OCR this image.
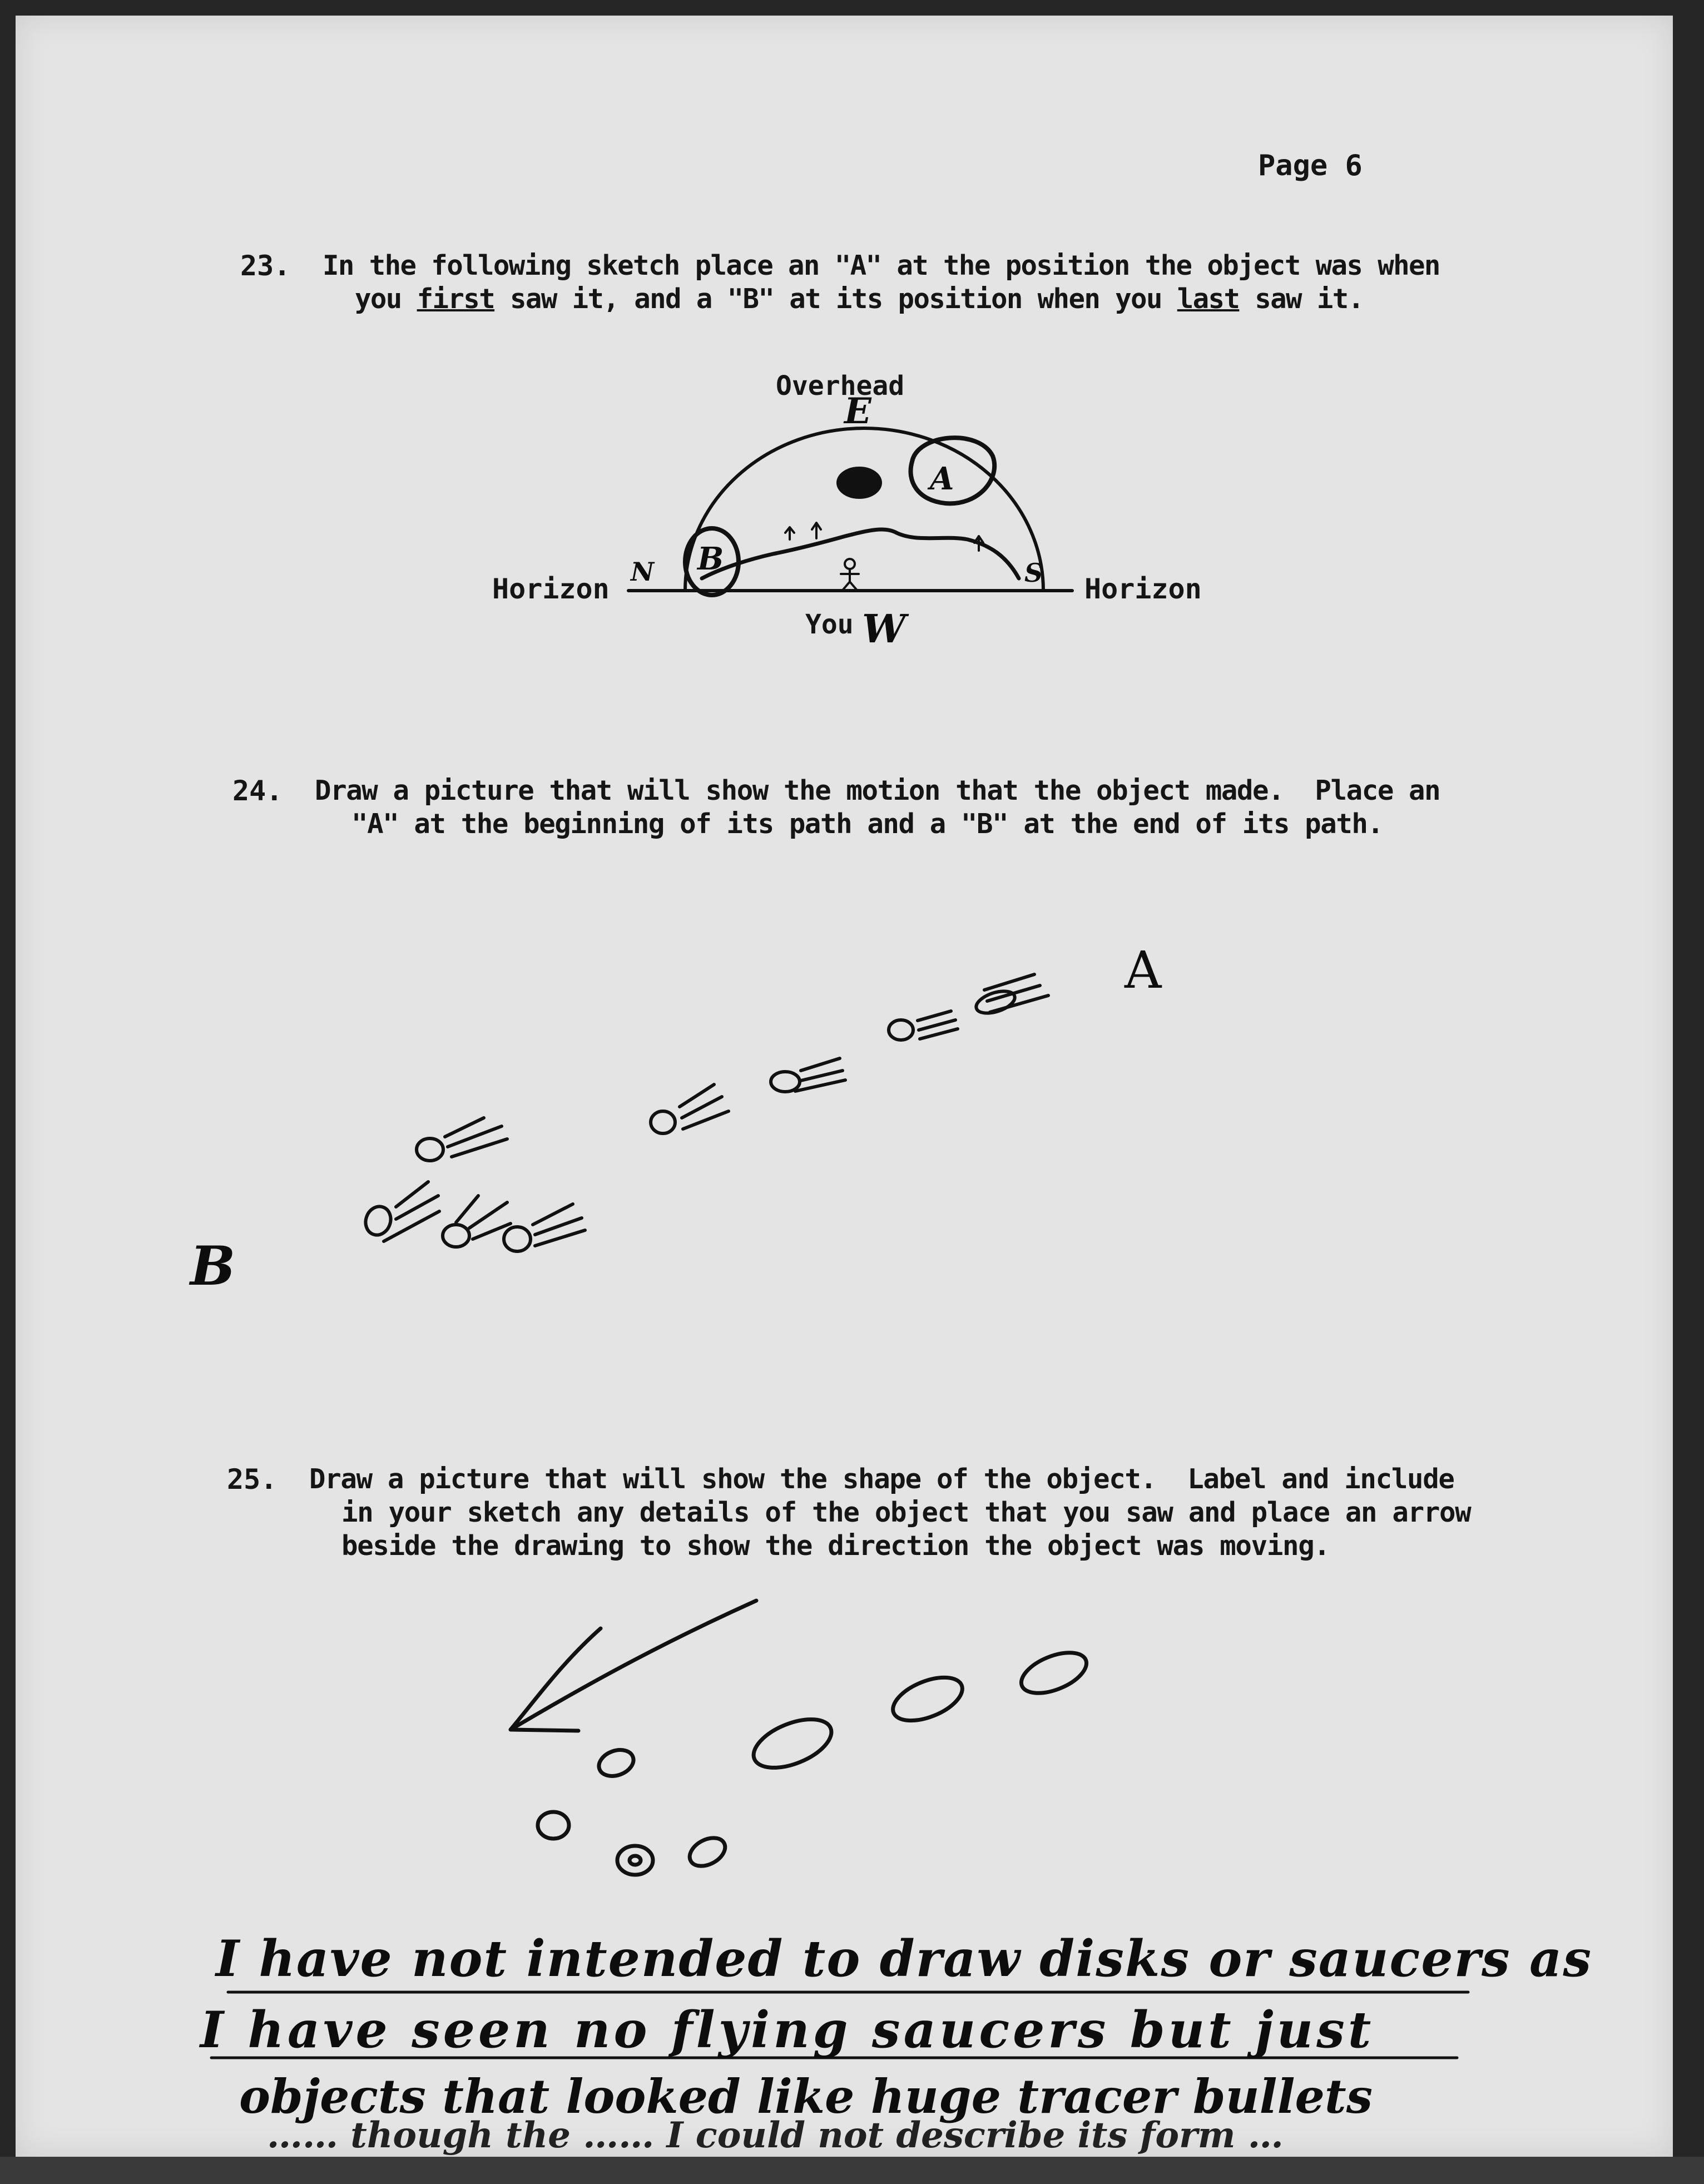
Page 6
23. In the following sketch place an "A" at the position the object was when
you first saw it, and a "B" at its position when you last saw it.
Overhead
Horizon	Horizon
You
E
N	S
W
A
B
24. Draw a picture that will show the motion that the object made.  Place an
"A" at the beginning of its path and a "B" at the end of its path.
A
B
25. Draw a picture that will show the shape of the object.  Label and include
in your sketch any details of the object that you saw and place an arrow
beside the drawing to show the direction the object was moving.
I have not intended to draw disks or saucers as
I have seen no flying saucers but just
objects that looked like huge tracer bullets
…… though the …… I could not describe its form …
